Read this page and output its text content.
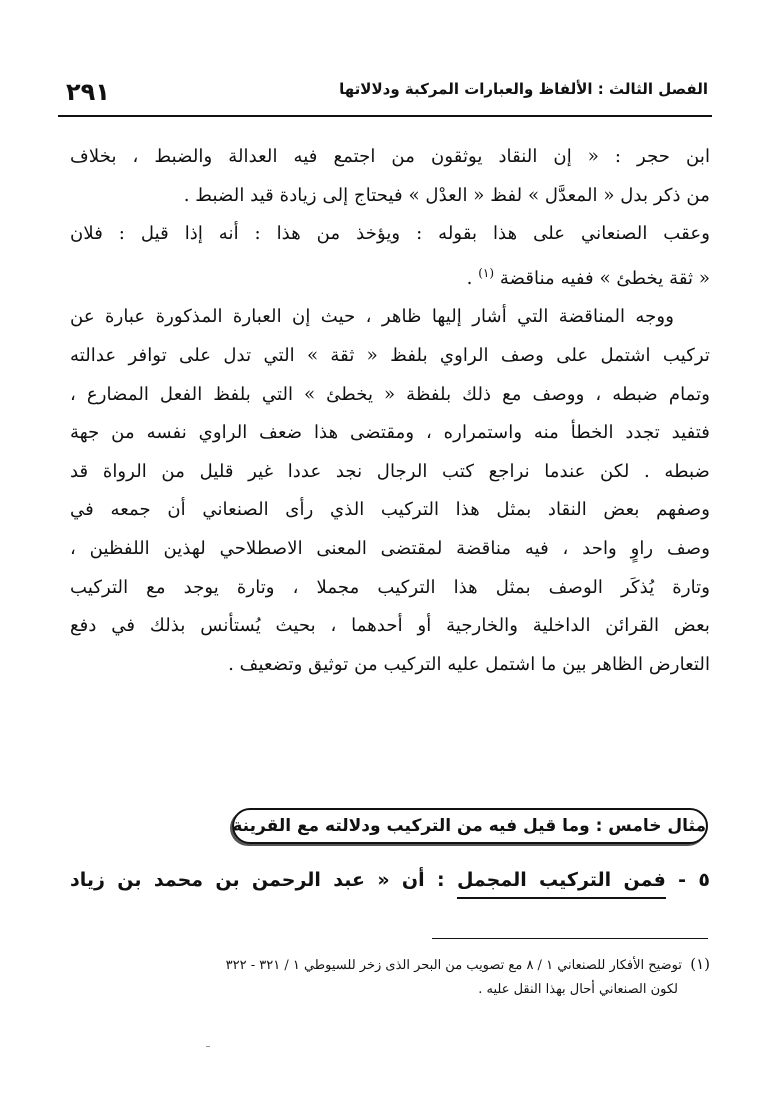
الفصل الثالث : الألفاظ والعبارات المركبة ودلالاتها
٢٩١

ابن حجر : « إن النقاد يوثقون من اجتمع فيه العدالة والضبط ، بخلاف
من ذكر بدل « المعدَّل » لفظ « العدْل » فيحتاج إلى زيادة قيد الضبط .

وعقب الصنعاني على هذا بقوله : ويؤخذ من هذا : أنه إذا قيل : فلان
« ثقة يخطئ » ففيه مناقضة $^{(١)}$ .

ووجه المناقضة التي أشار إليها ظاهر ، حيث إن العبارة المذكورة عبارة عن
تركيب اشتمل على وصف الراوي بلفظ « ثقة » التي تدل على توافر عدالته
وتمام ضبطه ، ووصف مع ذلك بلفظة « يخطئ » التي بلفظ الفعل المضارع ،
فتفيد تجدد الخطأ منه واستمراره ، ومقتضى هذا ضعف الراوي نفسه من جهة
ضبطه . لكن عندما نراجع كتب الرجال نجد عددا غير قليل من الرواة قد
وصفهم بعض النقاد بمثل هذا التركيب الذي رأى الصنعاني أن جمعه في
وصف راوٍ واحد ، فيه مناقضة لمقتضى المعنى الاصطلاحي لهذين اللفظين ،
وتارة يُذكَر الوصف بمثل هذا التركيب مجملا ، وتارة يوجد مع التركيب
بعض القرائن الداخلية والخارجية أو أحدهما ، بحيث يُستأنس بذلك في دفع
التعارض الظاهر بين ما اشتمل عليه التركيب من توثيق وتضعيف .

مثال خامس : وما قيل فيه من التركيب ودلالته مع القرينة
٥ - فمن التركيب المجمل : أن « عبد الرحمن بن محمد بن زياد
(١)  توضيح الأفكار للصنعاني ١ / ٨ مع تصويب من البحر الذى زخر للسيوطي ١ / ٣٢١ - ٣٢٢
لكون الصنعاني أحال بهذا النقل عليه .
